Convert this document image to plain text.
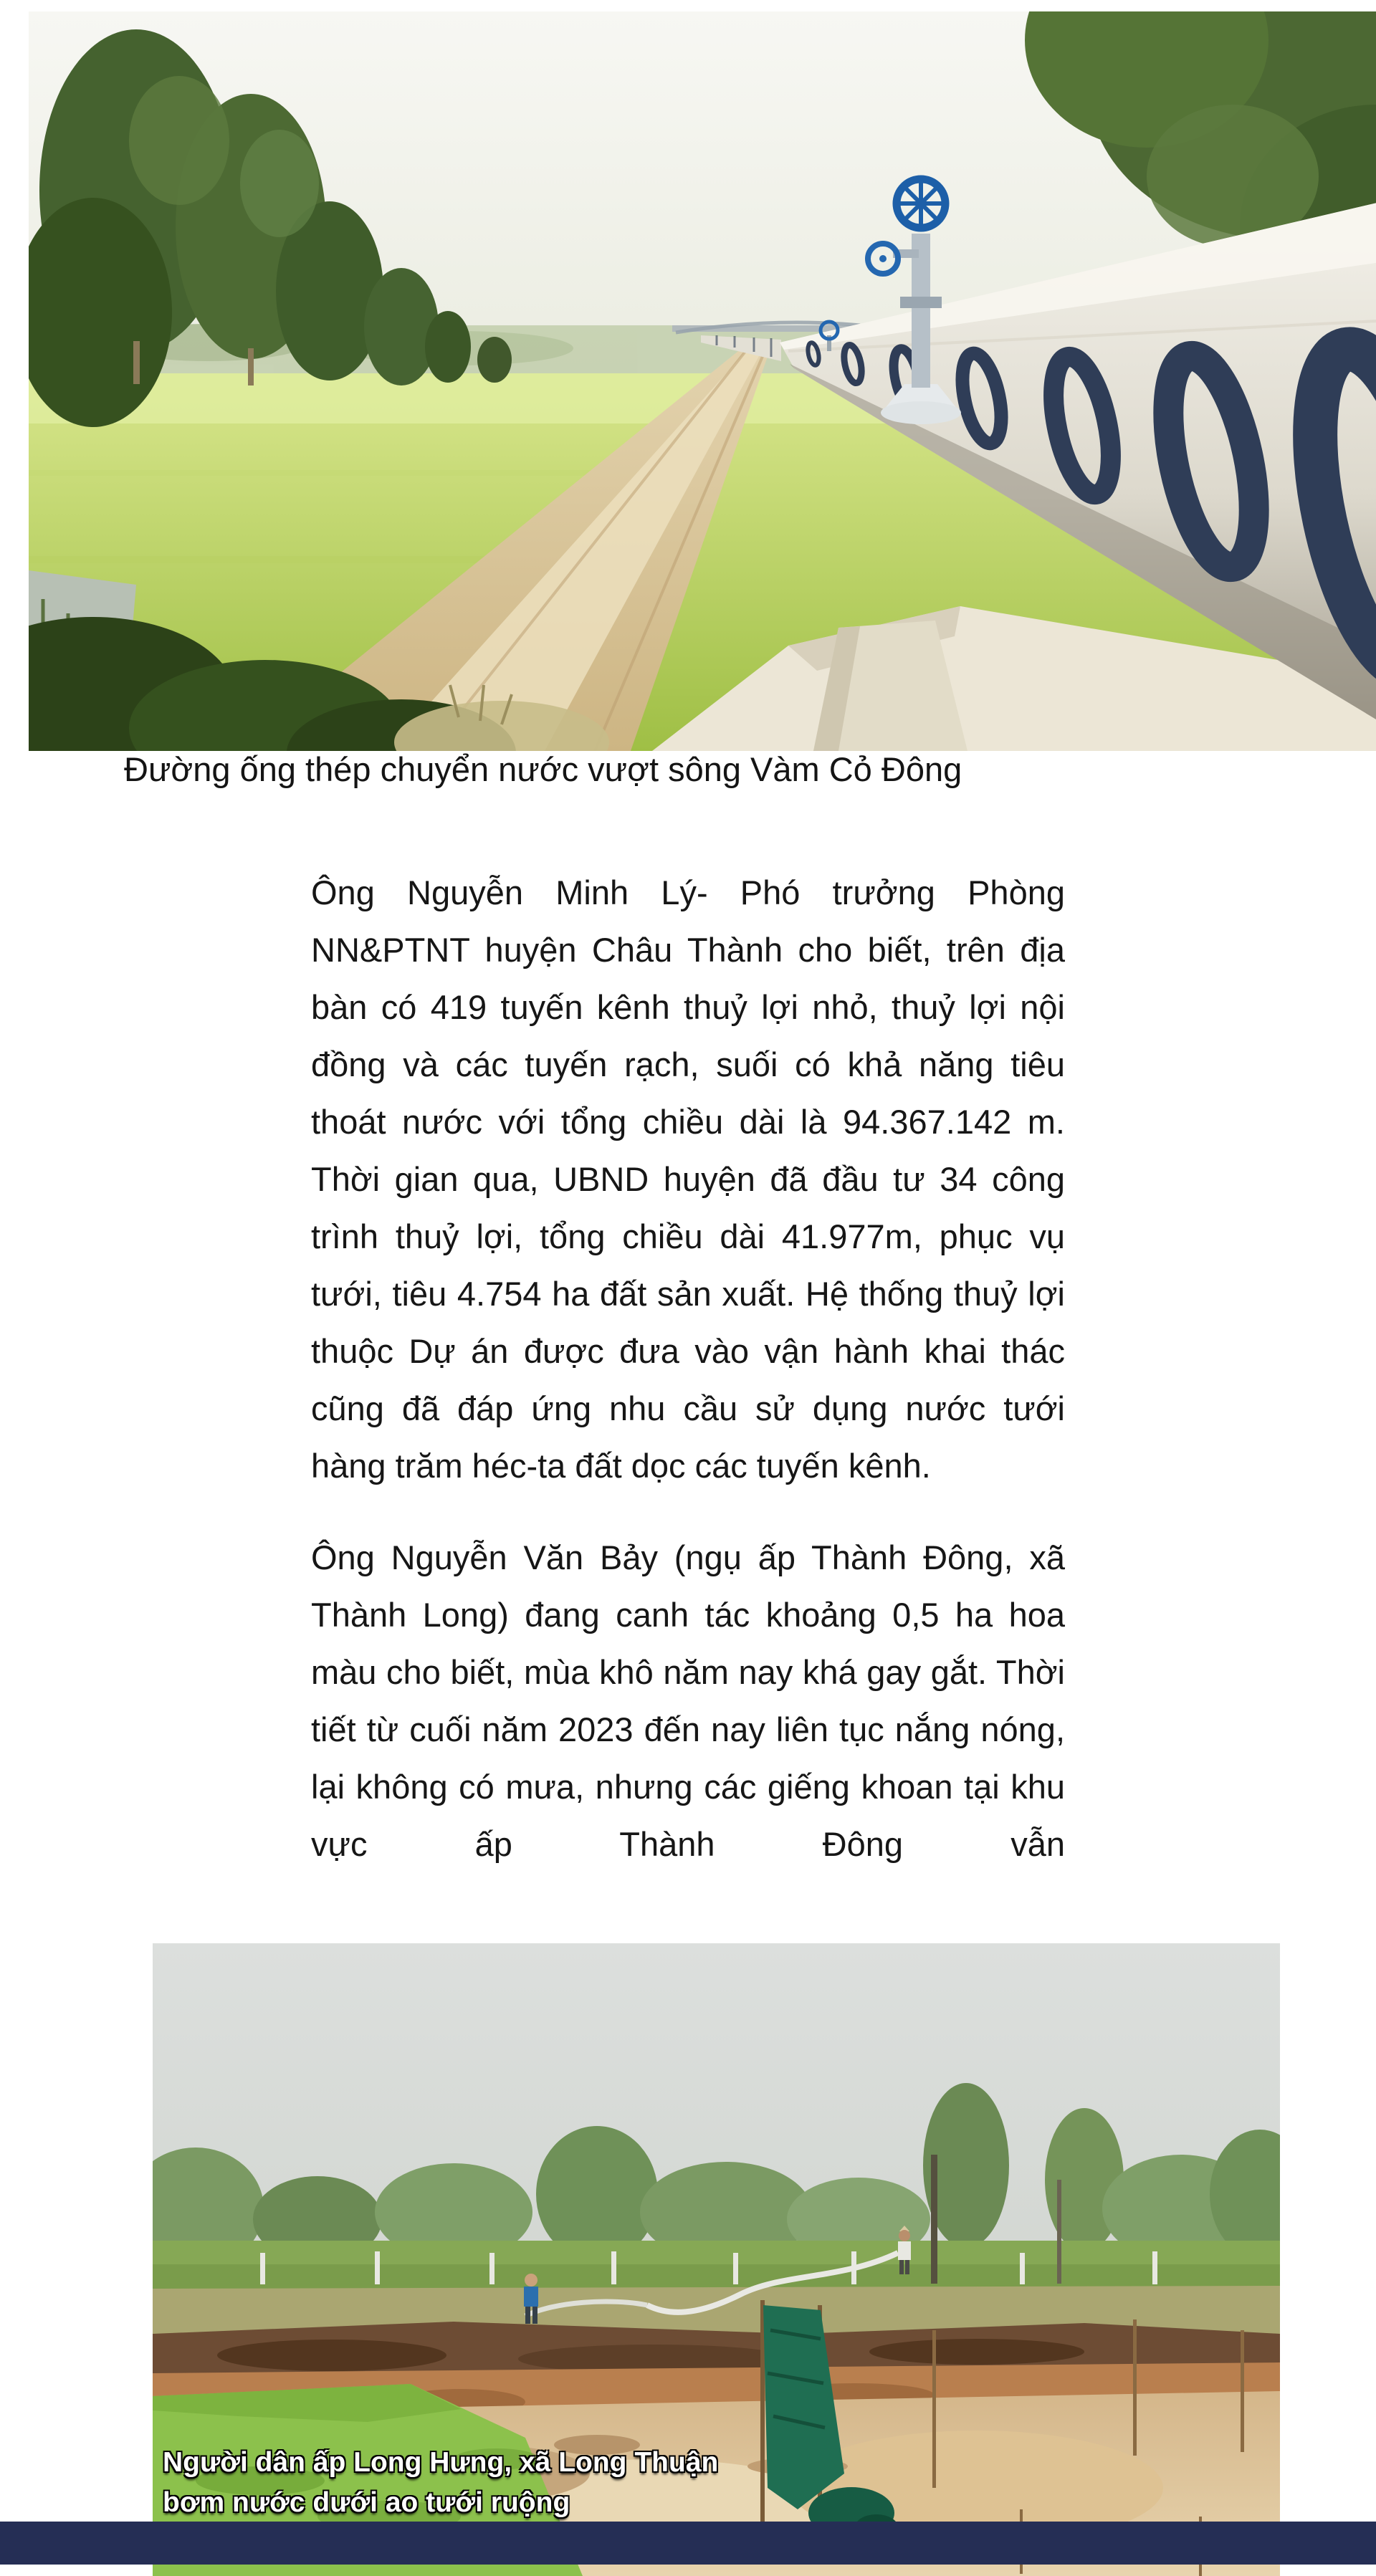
Đường ống thép chuyển nước vượt sông Vàm Cỏ Đông

Ông Nguyễn Minh Lý- Phó trưởng Phòng NN&PTNT huyện Châu Thành cho biết, trên địa bàn có 419 tuyến kênh thuỷ lợi nhỏ, thuỷ lợi nội đồng và các tuyến rạch, suối có khả năng tiêu thoát nước với tổng chiều dài là 94.367.142 m. Thời gian qua, UBND huyện đã đầu tư 34 công trình thuỷ lợi, tổng chiều dài 41.977m, phục vụ tưới, tiêu 4.754 ha đất sản xuất. Hệ thống thuỷ lợi thuộc Dự án được đưa vào vận hành khai thác cũng đã đáp ứng nhu cầu sử dụng nước tưới hàng trăm héc-ta đất dọc các tuyến kênh.

Ông Nguyễn Văn Bảy (ngụ ấp Thành Đông, xã Thành Long) đang canh tác khoảng 0,5 ha hoa màu cho biết, mùa khô năm nay khá gay gắt. Thời tiết từ cuối năm 2023 đến nay liên tục nắng nóng, lại không có mưa, nhưng các giếng khoan tại khu vực ấp Thành Đông vẫn

Người dân ấp Long Hưng, xã Long Thuận
bơm nước dưới ao tưới ruộng
